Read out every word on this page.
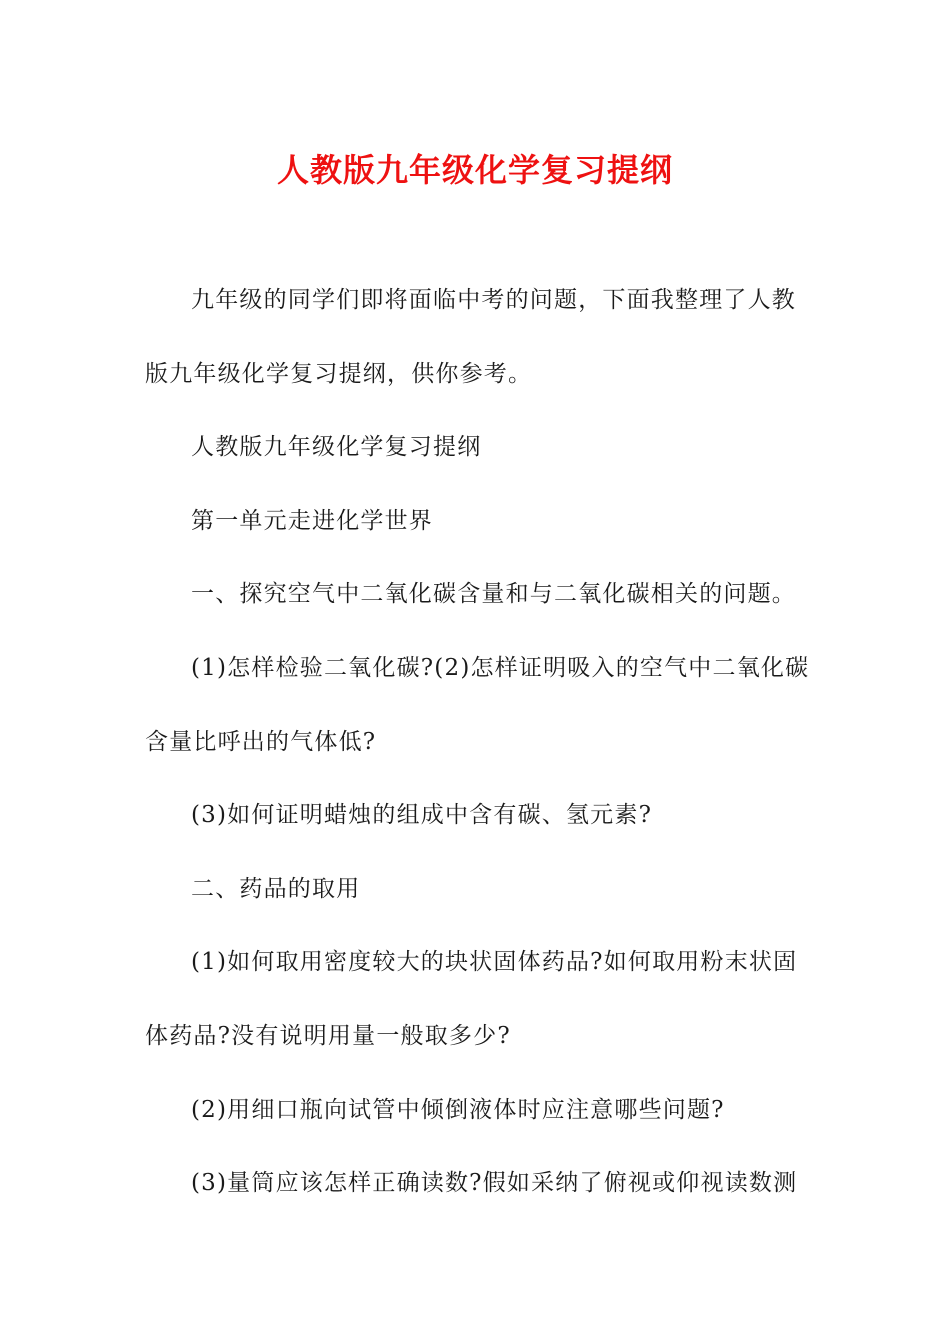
人教版九年级化学复习提纲

九年级的同学们即将面临中考的问题，下面我整理了人教版九年级化学复习提纲，供你参考。

人教版九年级化学复习提纲

第一单元走进化学世界

一、探究空气中二氧化碳含量和与二氧化碳相关的问题。

(1)怎样检验二氧化碳?(2)怎样证明吸入的空气中二氧化碳含量比呼出的气体低?

(3)如何证明蜡烛的组成中含有碳、氢元素?

二、药品的取用

(1)如何取用密度较大的块状固体药品?如何取用粉末状固体药品?没有说明用量一般取多少?

(2)用细口瓶向试管中倾倒液体时应注意哪些问题?

(3)量筒应该怎样正确读数?假如采纳了俯视或仰视读数测
